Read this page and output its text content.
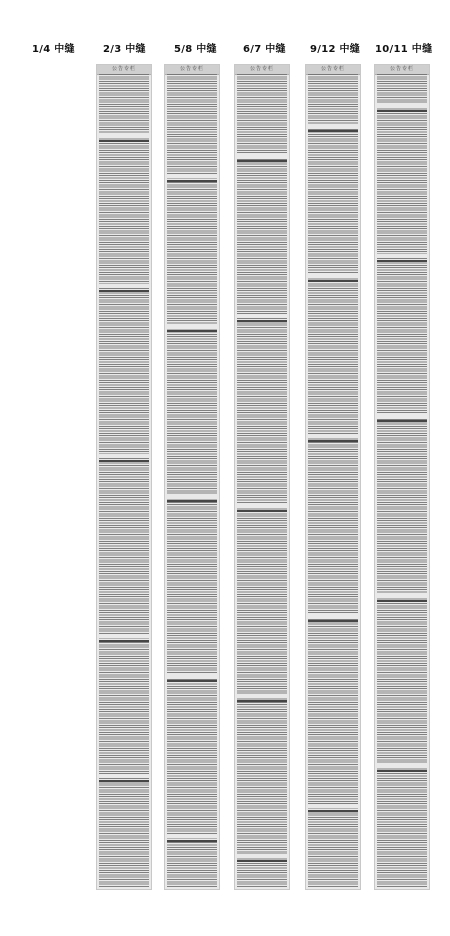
1/4 中缝	2/3 中缝
公告专栏
5/8 中缝
公告专栏
6/7 中缝
公告专栏
9/12 中缝
公告专栏
10/11 中缝
公告专栏
